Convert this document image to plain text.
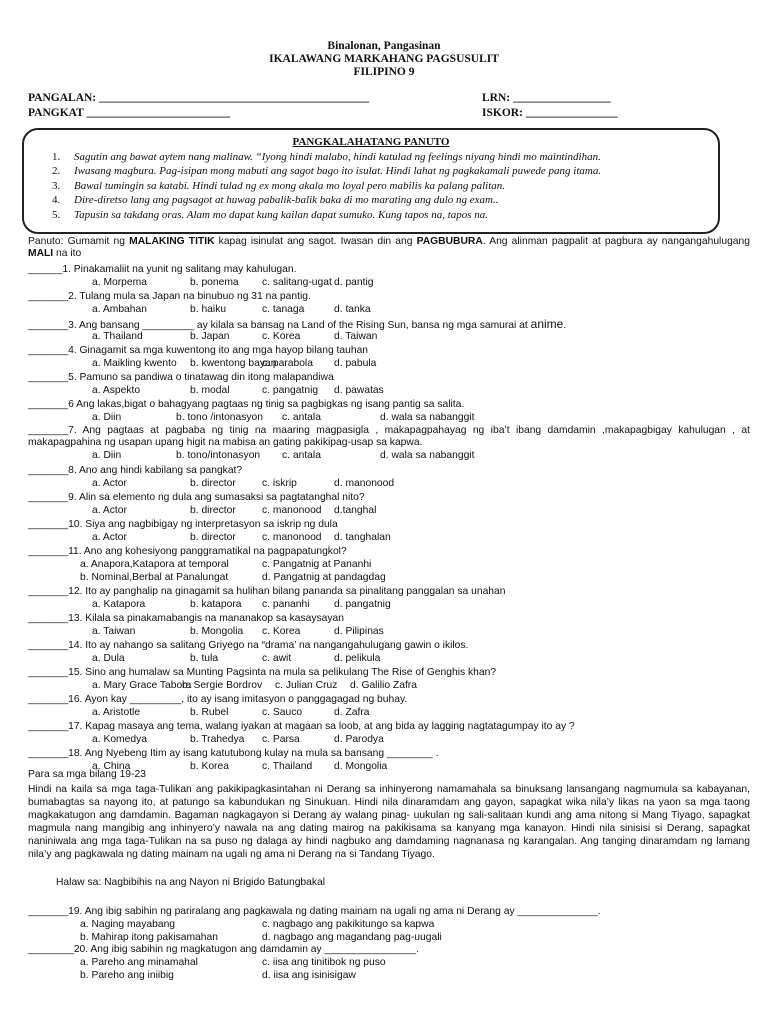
Binalonan, Pangasinan
IKALAWANG MARKAHANG PAGSUSULIT
FILIPINO 9
PANGALAN: _______________________________________________	LRN: _________________
PANGKAT _________________________	ISKOR: ________________
PANGKALAHATANG PANUTO
1. Sagutin ang bawat aytem nang malinaw. “Iyong hindi malabo, hindi katulad ng feelings niyang hindi mo maintindihan.
2. Iwasang magbura. Pag-isipan mong mabuti ang sagot bago ito isulat. Hindi lahat ng pagkakamali puwede pang itama.
3. Bawal tumingin sa katabi. Hindi tulad ng ex mong akala mo loyal pero mabilis ka palang palitan.
4. Dire-diretso lang ang pagsagot at huwag pabalik-balik baka di mo marating ang dulo ng exam..
5. Tapusin sa takdang oras. Alam mo dapat kung kailan dapat sumuko. Kung tapos na, tapos na.
Panuto: Gumamit ng MALAKING TITIK kapag isinulat ang sagot. Iwasan din ang PAGBUBURA. Ang alinman pagpalit at pagbura ay nangangahulugang MALI na ito
______1. Pinakamaliit na yunit ng salitang may kahulugan.
a. Morpema	b. ponema c. salitang-ugat d. pantig
_______2. Tulang mula sa Japan na binubuo ng 31 na pantig.
a. Ambahan	b. haiku	c. tanaga	d. tanka
_______3. Ang bansang _________ ay kilala sa bansag na Land of the Rising Sun, bansa ng mga samurai at anime.
a. Thailand	b. Japan	c. Korea	d. Taiwan
_______4. Ginagamit sa mga kuwentong ito ang mga hayop bilang tauhan
a. Maikling kwento b. kwentong bayan
c. parabola d. pabula
_______5. Pamuno sa pandiwa o tinatawag din itong malapandiwa
a. Aspekto	b. modal	c. pangatnig d. pawatas
_______6 Ang lakas,bigat o bahagyang pagtaas ng tinig sa pagbigkas ng isang pantig sa salita.
a. Diin	b. tono /intonasyon c. antala	d. wala sa nabanggit
_______7. Ang pagtaas at pagbaba ng tinig na maaring magpasigla , makapagpahayag ng iba’t ibang damdamin ,makapagbigay kahulugan , at makapagpahina ng usapan upang higit na mabisa an gating pakikipag-usap sa kapwa.
a. Diin	b. tono/intonasyon c. antala	d. wala sa nabanggit
_______8. Ano ang hindi kabilang sa pangkat?
a. Actor	b. director	c. iskrip	d. manonood
_______9. Alin sa elemento ng dula ang sumasaksi sa pagtatanghal nito?
a. Actor	b. director	c. manonood d.tanghal
_______10. Siya ang nagbibigay ng interpretasyon sa iskrip ng dula
a. Actor	b. director	c. manonood d. tanghalan
_______11. Ano ang kohesiyong panggramatikal na pagpapatungkol?
a. Anapora,Katapora at temporal	c. Pangatnig at Pananhi
b. Nominal,Berbal at Panalungat	d. Pangatnig at pandagdag
_______12. Ito ay panghalip na ginagamit sa hulihan bilang pananda sa pinalitang panggalan sa unahan
a. Katapora	b. katapora c. pananhi d. pangatnig
_______13. Kilala sa pinakamabangis na mananakop sa kasaysayan
a. Taiwan	b. Mongolia c. Korea	d. Pilipinas
_______14. Ito ay nahango sa salitang Griyego na “drama’ na nangangahulugang gawin o ikilos.
a. Dula	b. tula	c. awit	d. pelikula
_______15. Sino ang humalaw sa Munting Pagsinta na mula sa pelikulang The Rise of Genghis khan?
a. Mary Grace Tabora
b. Sergie Bordrov c. Julian Cruz d. Galilio Zafra
_______16. Ayon kay _________, ito ay isang imitasyon o panggagagad ng buhay.
a. Aristotle	b. Rubel	c. Sauco	d. Zafra
_______17. Kapag masaya ang tema, walang iyakan at magaan sa loob, at ang bida ay lagging nagtatagumpay ito ay ?
a. Komedya	b. Trahedya c. Parsa	d. Parodya
_______18. Ang Nyebeng Itim ay isang katutubong kulay na mula sa bansang ________ .
a. China	b. Korea	c. Thailand d. Mongolia
Para sa mga bilang 19-23
Hindi na kaila sa mga taga-Tulikan ang pakikipagkasintahan ni Derang sa inhinyerong namamahala sa binuksang lansangang nagmumula sa kabayanan, bumabagtas sa nayong ito, at patungo sa kabundukan ng Sinukuan. Hindi nila dinaramdam ang gayon, sapagkat wika nila’y likas na yaon sa mga taong magkakatugon ang damdamin. Bagaman nagkagayon si Derang ay walang pinag- uukulan ng sali-salitaan kundi ang ama nitong si Mang Tiyago, sapagkat magmula nang mangibig ang inhinyero’y nawala na ang dating mairog na pakikisama sa kanyang mga kanayon. Hindi nila sinisisi si Derang, sapagkat naniniwala ang mga taga-Tulikan na sa puso ng dalaga ay hindi nagbuko ang damdaming nagnanasa ng karangalan. Ang tanging dinaramdam ng lamang nila’y ang pagkawala ng dating mainam na ugali ng ama ni Derang na si Tandang Tiyago.
Halaw sa: Nagbibihis na ang Nayon ni Brigido Batungbakal
_______19. Ang ibig sabihin ng pariralang ang pagkawala ng dating mainam na ugali ng ama ni Derang ay ______________.
a. Naging mayabang	c. nagbago ang pakikitungo sa kapwa
b. Mahirap itong pakisamahan	d. nagbago ang magandang pag-uugali
________20. Ang ibig sabihin ng magkatugon ang damdamin ay ________________.
a. Pareho ang minamahal	c. iisa ang tinitibok ng puso
b. Pareho ang iniibig	d. iisa ang isinisigaw
